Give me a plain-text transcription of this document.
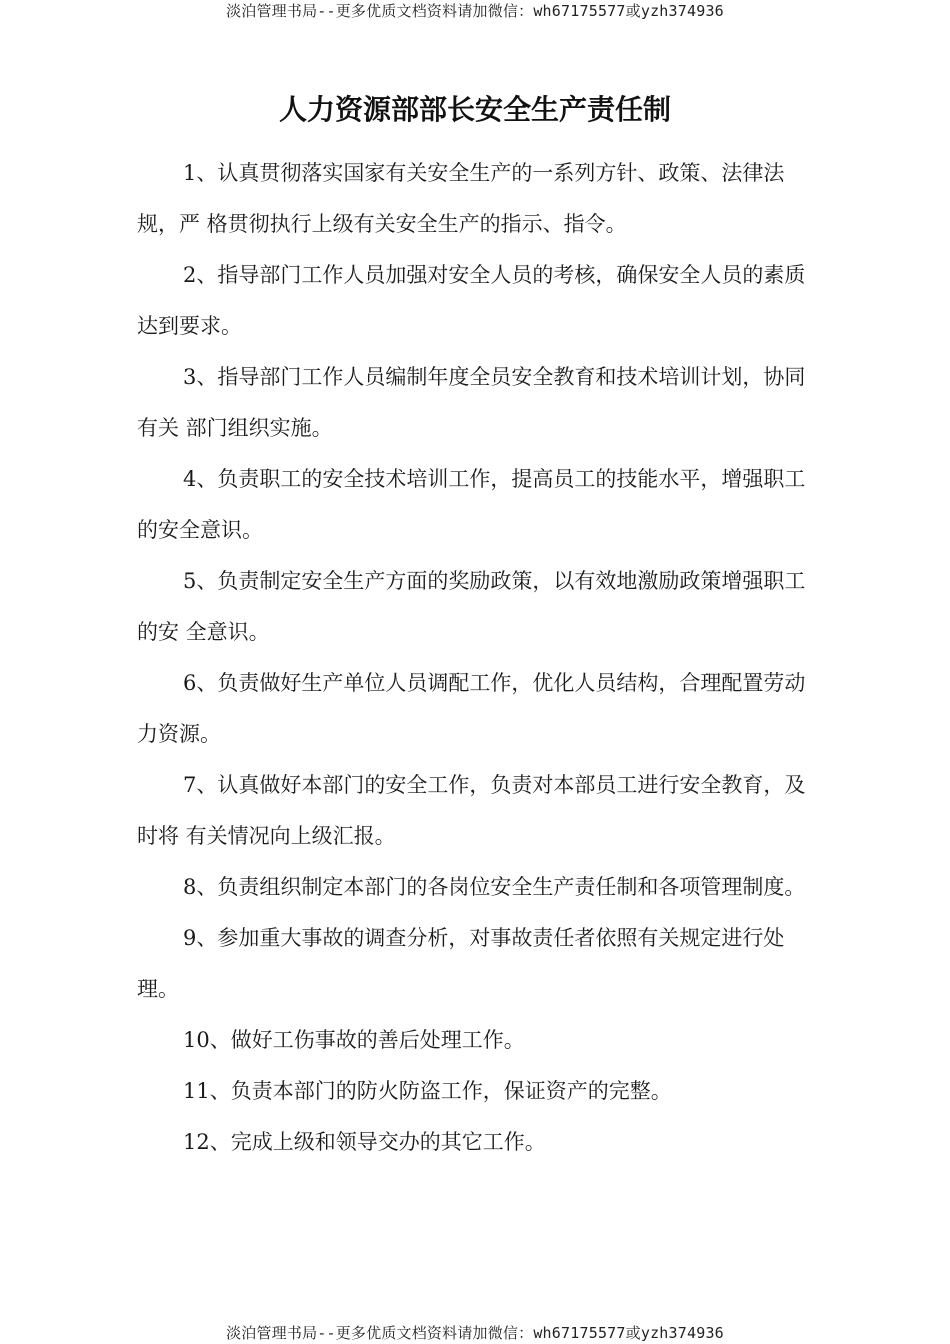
淡泊管理书局--更多优质文档资料请加微信：wh67175577或yzh374936
人力资源部部长安全生产责任制

1、认真贯彻落实国家有关安全生产的一系列方针、政策、法律法规，严 格贯彻执行上级有关安全生产的指示、指令。

2、指导部门工作人员加强对安全人员的考核，确保安全人员的素质达到要求。

3、指导部门工作人员编制年度全员安全教育和技术培训计划，协同有关 部门组织实施。

4、负责职工的安全技术培训工作，提高员工的技能水平，增强职工的安全意识。

5、负责制定安全生产方面的奖励政策，以有效地激励政策增强职工的安 全意识。

6、负责做好生产单位人员调配工作，优化人员结构，合理配置劳动力资源。

7、认真做好本部门的安全工作，负责对本部员工进行安全教育，及时将 有关情况向上级汇报。

8、负责组织制定本部门的各岗位安全生产责任制和各项管理制度。

9、参加重大事故的调查分析，对事故责任者依照有关规定进行处理。

10、做好工伤事故的善后处理工作。

11、负责本部门的防火防盗工作，保证资产的完整。

12、完成上级和领导交办的其它工作。

淡泊管理书局--更多优质文档资料请加微信：wh67175577或yzh374936
